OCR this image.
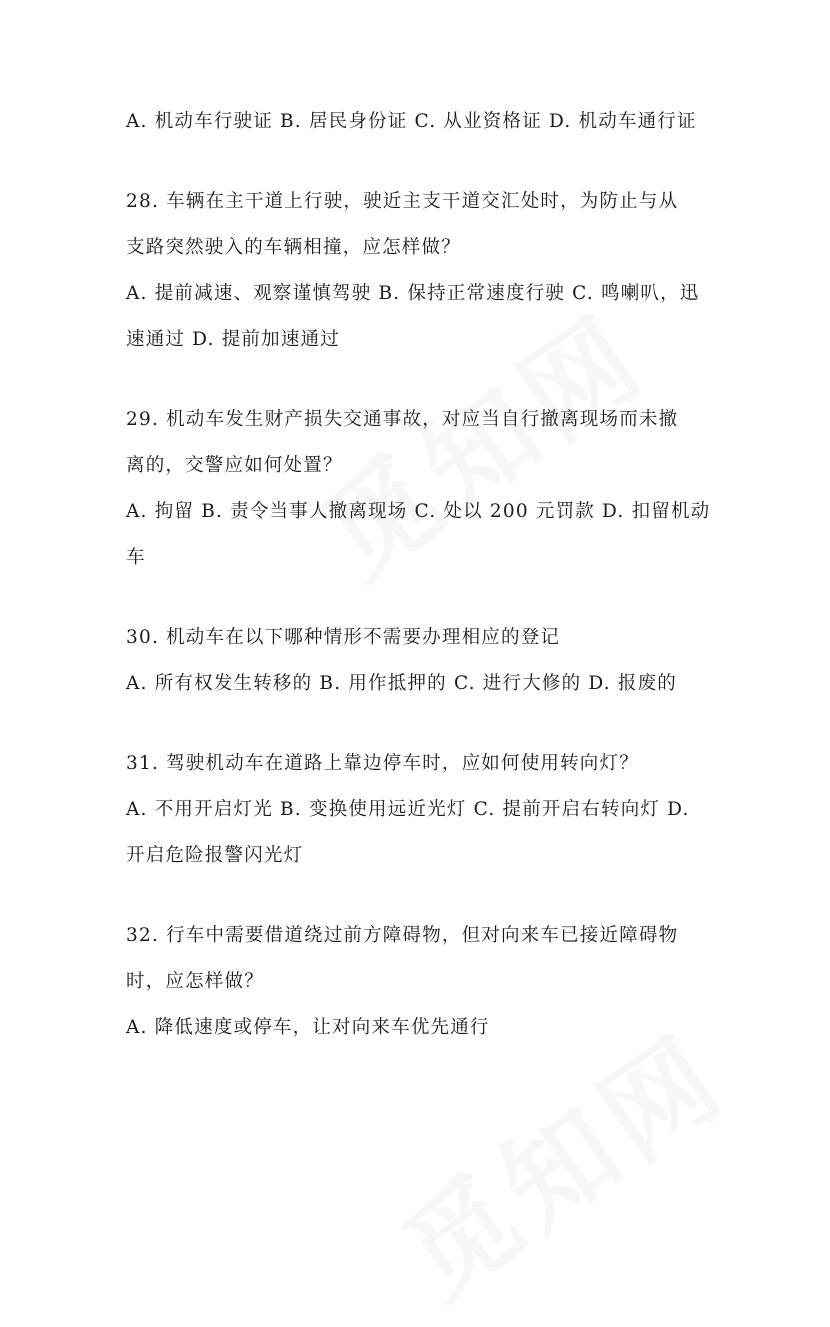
A. 机动车行驶证 B. 居民身份证 C. 从业资格证 D. 机动车通行证
28. 车辆在主干道上行驶，驶近主支干道交汇处时，为防止与从
支路突然驶入的车辆相撞，应怎样做？
A. 提前减速、观察谨慎驾驶 B. 保持正常速度行驶 C. 鸣喇叭，迅
速通过 D. 提前加速通过
29. 机动车发生财产损失交通事故，对应当自行撤离现场而未撤
离的，交警应如何处置？
A. 拘留 B. 责令当事人撤离现场 C. 处以 200 元罚款 D. 扣留机动
车
30. 机动车在以下哪种情形不需要办理相应的登记
A. 所有权发生转移的 B. 用作抵押的 C. 进行大修的 D. 报废的
31. 驾驶机动车在道路上靠边停车时，应如何使用转向灯？
A. 不用开启灯光 B. 变换使用远近光灯 C. 提前开启右转向灯 D.
开启危险报警闪光灯
32. 行车中需要借道绕过前方障碍物，但对向来车已接近障碍物
时，应怎样做？
A. 降低速度或停车，让对向来车优先通行
